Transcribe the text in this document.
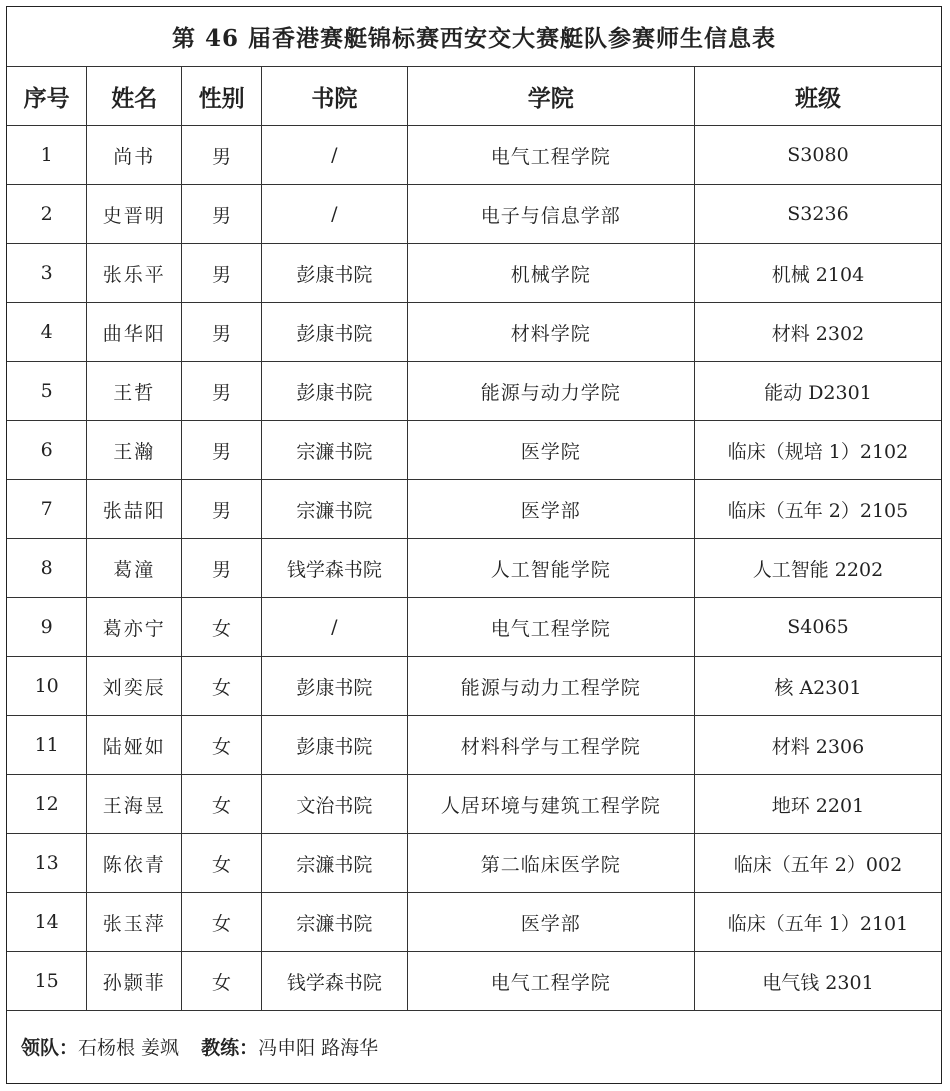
第 46 届香港赛艇锦标赛西安交大赛艇队参赛师生信息表					
序号	姓名	性别	书院	学院	班级
1	尚书	男	/	电气工程学院	S3080
2	史晋明	男	/	电子与信息学部	S3236
3	张乐平	男	彭康书院	机械学院	机械 2104
4	曲华阳	男	彭康书院	材料学院	材料 2302
5	王哲	男	彭康书院	能源与动力学院	能动 D2301
6	王瀚	男	宗濂书院	医学院	临床（规培 1）2102
7	张喆阳	男	宗濂书院	医学部	临床（五年 2）2105
8	葛潼	男	钱学森书院	人工智能学院	人工智能 2202
9	葛亦宁	女	/	电气工程学院	S4065
10	刘奕辰	女	彭康书院	能源与动力工程学院	核 A2301
11	陆娅如	女	彭康书院	材料科学与工程学院	材料 2306
12	王海昱	女	文治书院	人居环境与建筑工程学院	地环 2201
13	陈依青	女	宗濂书院	第二临床医学院	临床（五年 2）002
14	张玉萍	女	宗濂书院	医学部	临床（五年 1）2101
15	孙颢菲	女	钱学森书院	电气工程学院	电气钱 2301
领队：石杨根 姜飒 教练：冯申阳 路海华					
